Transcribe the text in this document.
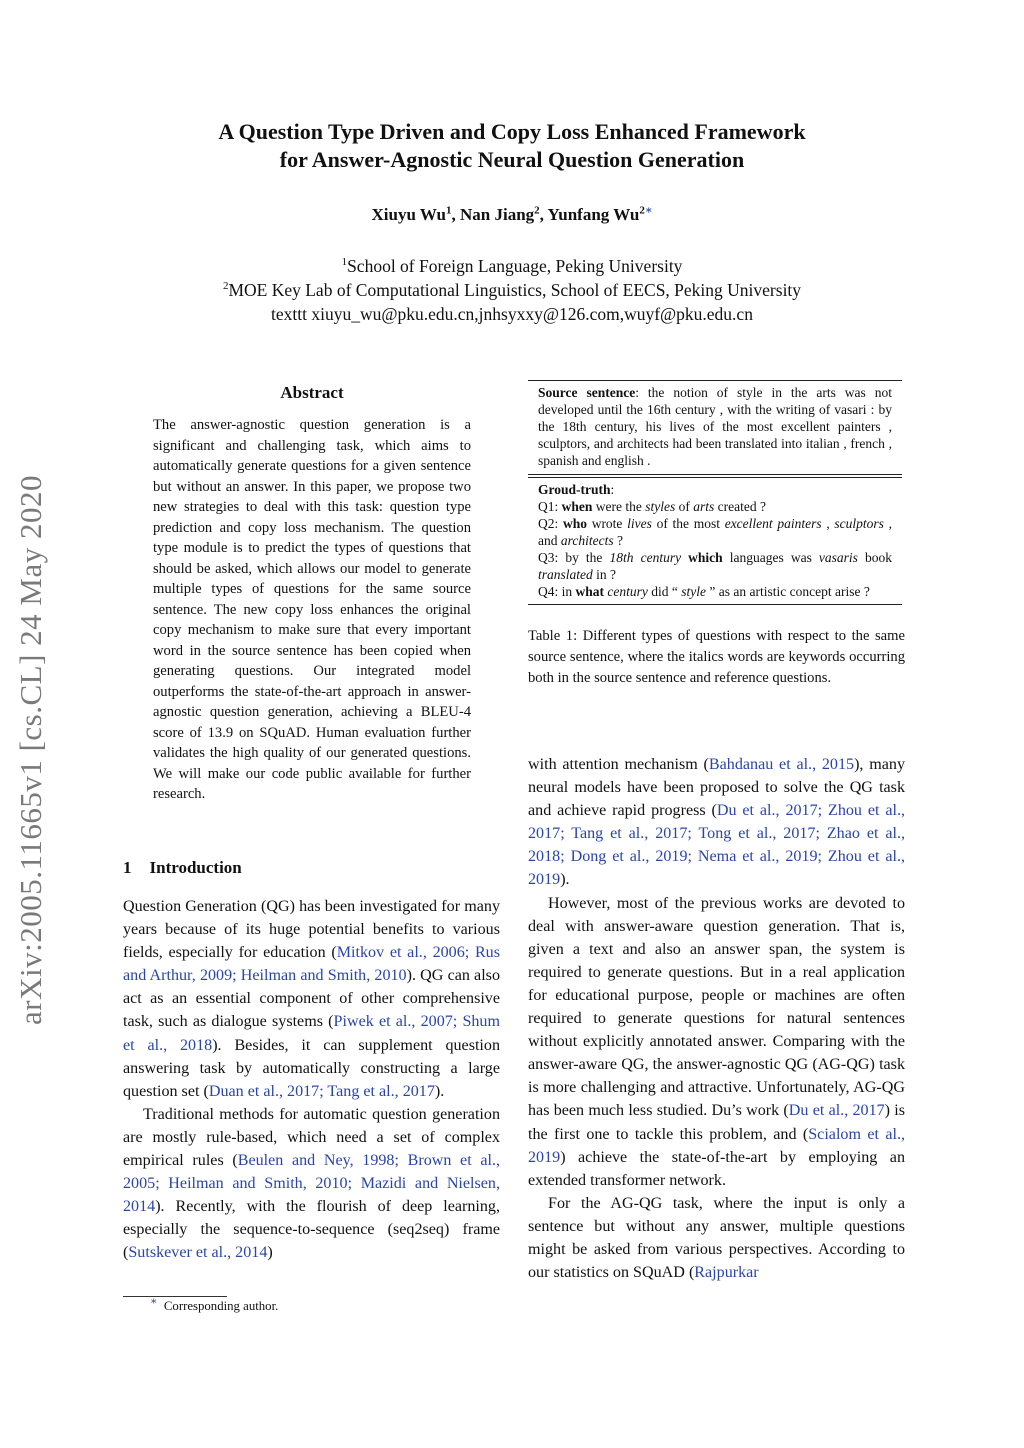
A Question Type Driven and Copy Loss Enhanced Framework
for Answer-Agnostic Neural Question Generation
Xiuyu Wu$^1$, Nan Jiang$^2$, Yunfang $Wu^{2∗}$
$^1$School of Foreign Language, Peking University
$^2$MOE Key Lab of Computational Linguistics, School of EECS, Peking University
texttt xiuyu_wu@pku.edu.cn,jnhsyxxy@126.com,wuyf@pku.edu.cn
arXiv:2005.11665v1 [cs.CL] 24 May 2020
Abstract
The answer-agnostic question generation is a significant and challenging task, which aims to automatically generate questions for a given sentence but without an answer. In this paper, we propose two new strategies to deal with this task: question type prediction and copy loss mechanism. The question type module is to predict the types of questions that should be asked, which allows our model to generate multiple types of questions for the same source sentence. The new copy loss enhances the original copy mechanism to make sure that every important word in the source sentence has been copied when generating questions. Our integrated model outperforms the state-of-the-art approach in answer-agnostic question generation, achieving a BLEU-4 score of 13.9 on SQuAD. Human evaluation further validates the high quality of our generated questions. We will make our code public available for further research.
1 Introduction

Question Generation (QG) has been investigated for many years because of its huge potential benefits to various fields, especially for education (Mitkov et al., 2006; Rus and Arthur, 2009; Heilman and Smith, 2010). QG can also act as an essential component of other comprehensive task, such as dialogue systems (Piwek et al., 2007; Shum et al., 2018). Besides, it can supplement question answering task by automatically constructing a large question set (Duan et al., 2017; Tang et al., 2017).

Traditional methods for automatic question generation are mostly rule-based, which need a set of complex empirical rules (Beulen and Ney, 1998; Brown et al., 2005; Heilman and Smith, 2010; Mazidi and Nielsen, 2014). Recently, with the flourish of deep learning, especially the sequence-to-sequence (seq2seq) frame (Sutskever et al., 2014)

∗ Corresponding author.
Source sentence: the notion of style in the arts was not developed until the 16th century , with the writing of vasari : by the 18th century, his lives of the most excellent painters , sculptors, and architects had been translated into italian , french , spanish and english .
Groud-truth:
Q1: when were the styles of arts created ?
Q2: who wrote lives of the most excellent painters , sculptors , and architects ?
Q3: by the 18th century which languages was vasaris book translated in ?
Q4: in what century did “ style ” as an artistic concept arise ?
Table 1: Different types of questions with respect to the same source sentence, where the italics words are keywords occurring both in the source sentence and reference questions.

with attention mechanism (Bahdanau et al., 2015), many neural models have been proposed to solve the QG task and achieve rapid progress (Du et al., 2017; Zhou et al., 2017; Tang et al., 2017; Tong et al., 2017; Zhao et al., 2018; Dong et al., 2019; Nema et al., 2019; Zhou et al., 2019).

However, most of the previous works are devoted to deal with answer-aware question generation. That is, given a text and also an answer span, the system is required to generate questions. But in a real application for educational purpose, people or machines are often required to generate questions for natural sentences without explicitly annotated answer. Comparing with the answer-aware QG, the answer-agnostic QG (AG-QG) task is more challenging and attractive. Unfortunately, AG-QG has been much less studied. Du’s work (Du et al., 2017) is the first one to tackle this problem, and (Scialom et al., 2019) achieve the state-of-the-art by employing an extended transformer network.

For the AG-QG task, where the input is only a sentence but without any answer, multiple questions might be asked from various perspectives. According to our statistics on SQuAD (Rajpurkar
